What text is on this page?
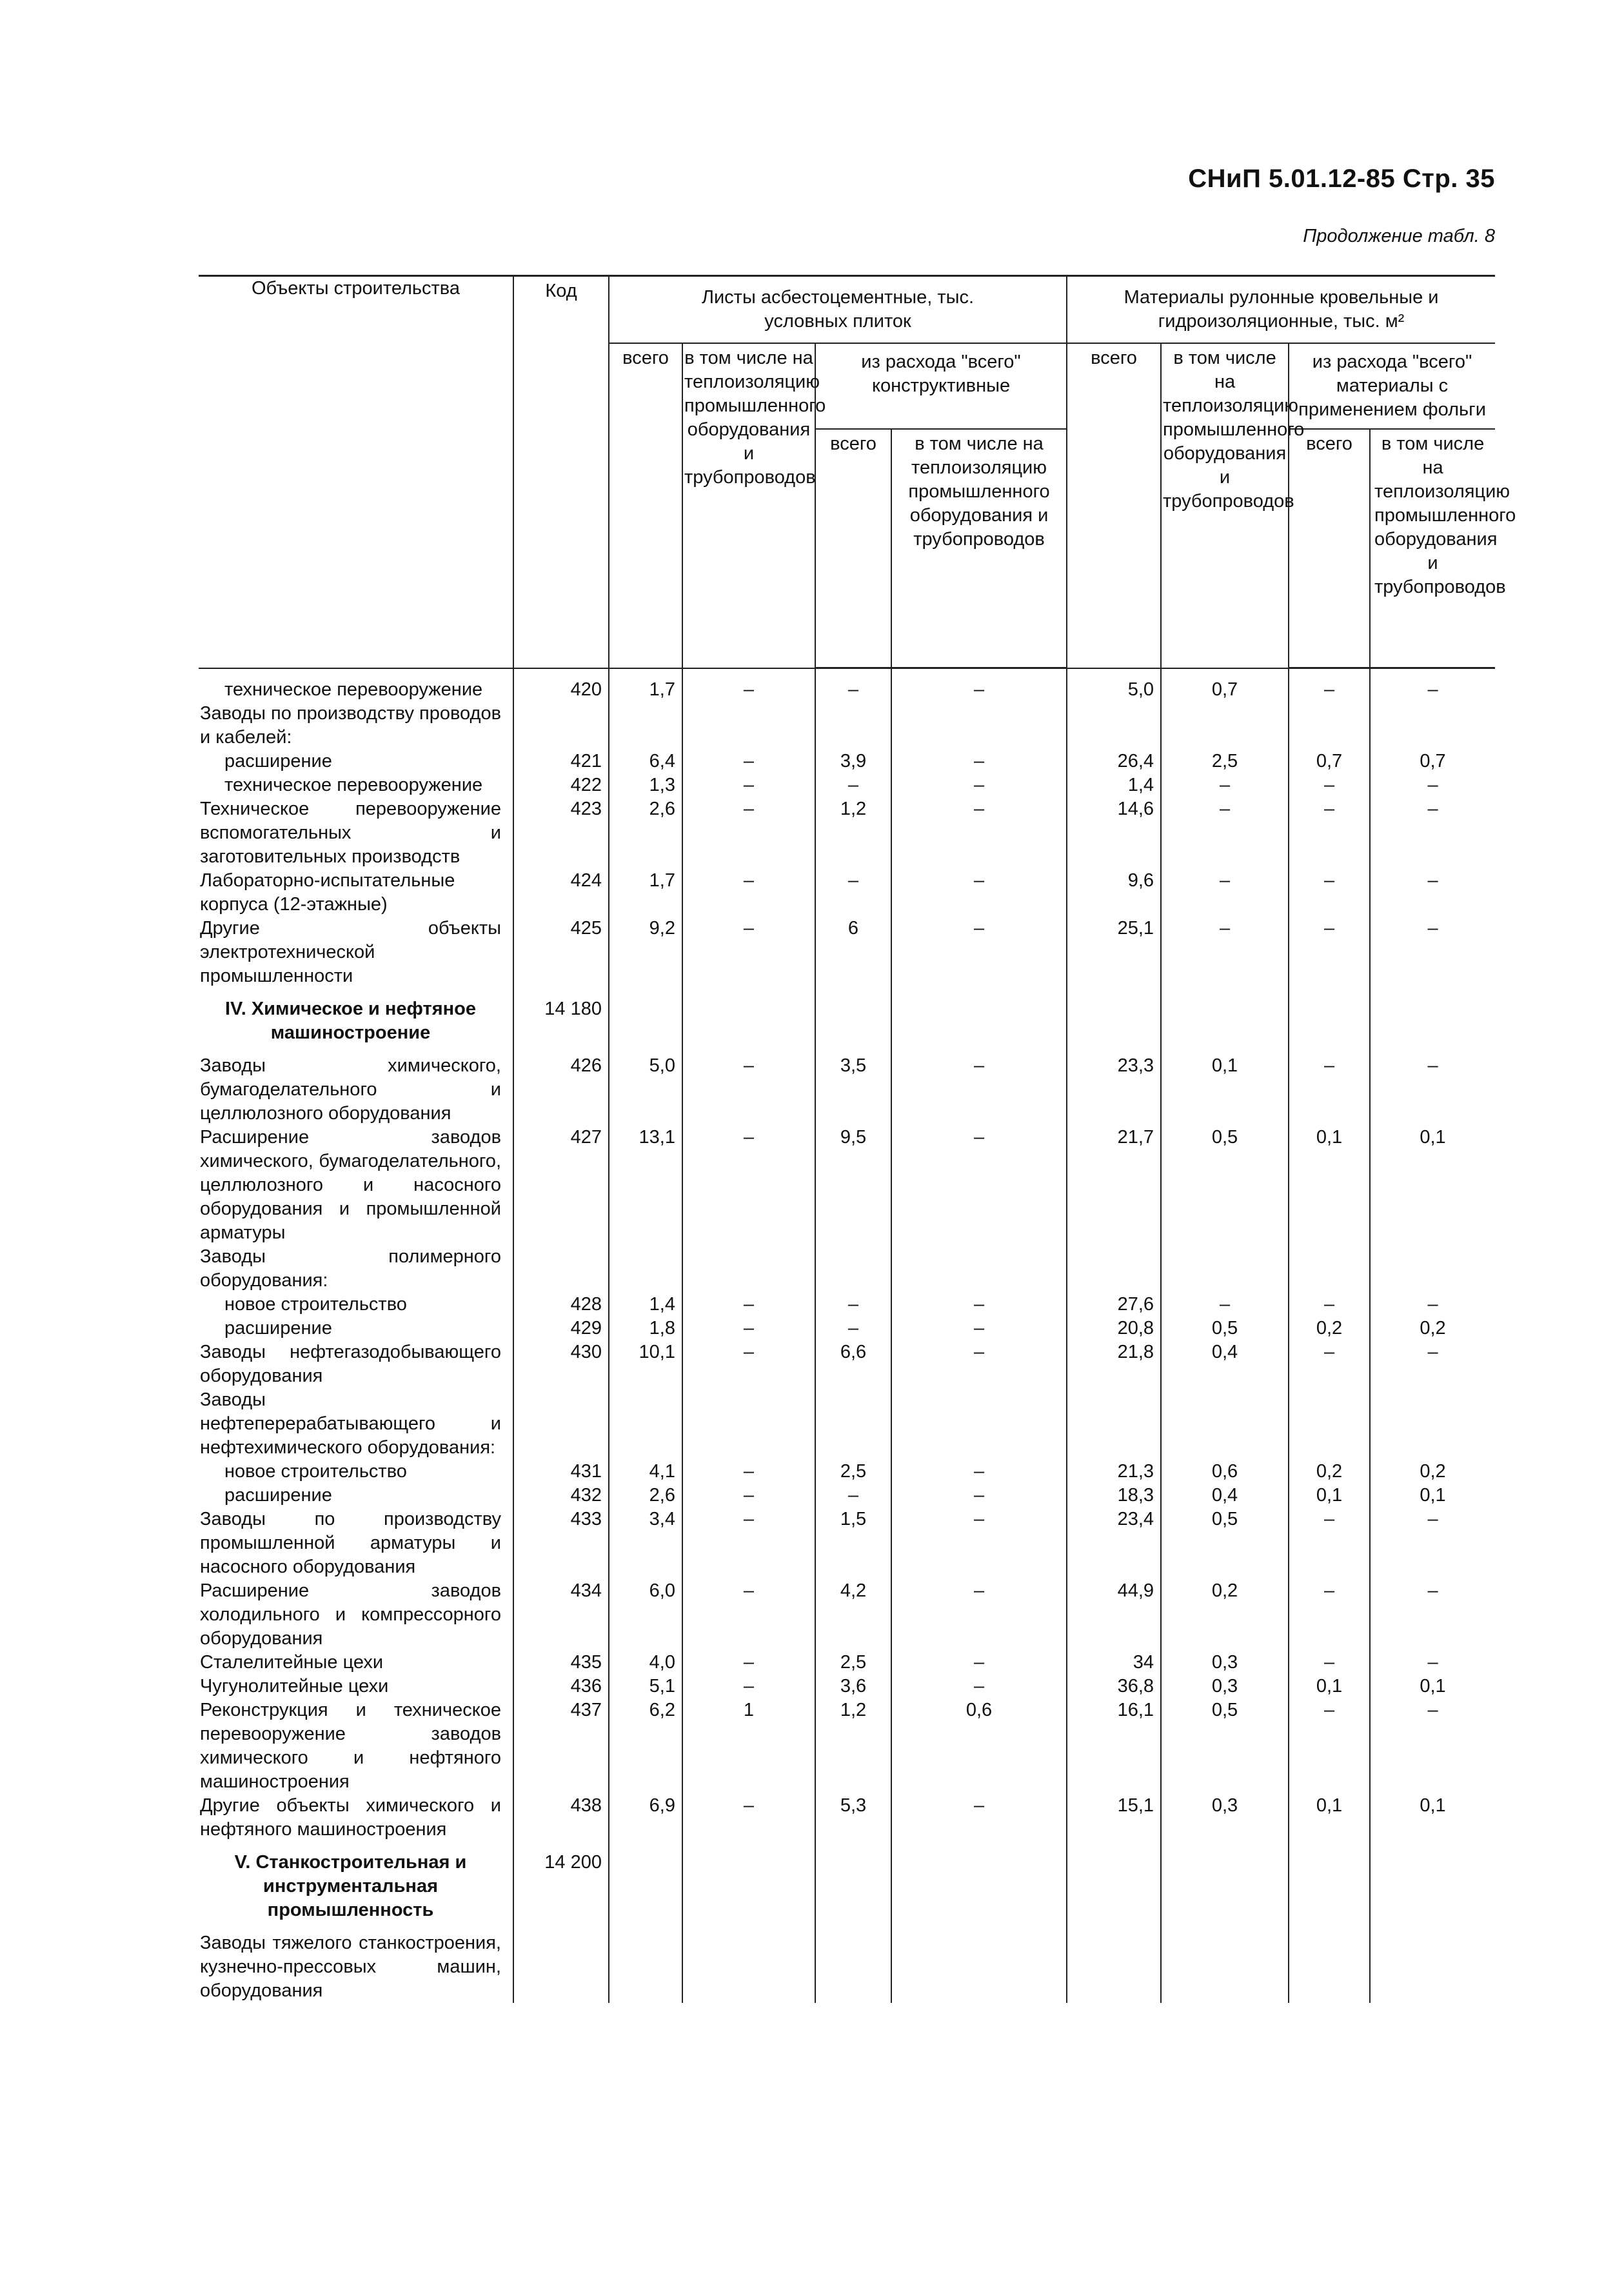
СНиП 5.01.12-85 Стр. 35
Продолжение табл. 8
Объекты строительства	Код	Листы асбестоцементные, тыс. условных плиток				Материалы рулонные кровельные и гидроизоляционные, тыс. м²			
		всего	в том числе на теплоизоляцию промышленного оборудования и трубопроводов	из расхода "всего" конструктивные		всего	в том числе на теплоизоляцию промышленного оборудования и трубопроводов	из расхода "всего" материалы с применением фольги	
				всего	в том числе на теплоизоляцию промышленного оборудования и трубопроводов			всего	в том числе на теплоизоляцию промышленного оборудования и трубопроводов
техническое перевооружение	420	1,7	–	–	–	5,0	0,7	–	–
Заводы по производству проводов и кабелей:									
расширение	421	6,4	–	3,9	–	26,4	2,5	0,7	0,7
техническое перевооружение	422	1,3	–	–	–	1,4	–	–	–
Техническое перевооружение вспомогательных и заготовительных производств	423	2,6	–	1,2	–	14,6	–	–	–
Лабораторно-испытательные корпуса (12-этажные)	424	1,7	–	–	–	9,6	–	–	–
Другие объекты электротехнической промышленности	425	9,2	–	6	–	25,1	–	–	–
IV. Химическое и нефтяное машиностроение	14 180								
Заводы химического, бумагоделательного и целлюлозного оборудования	426	5,0	–	3,5	–	23,3	0,1	–	–
Расширение заводов химического, бумагоделательного, целлюлозного и насосного оборудования и промышленной арматуры	427	13,1	–	9,5	–	21,7	0,5	0,1	0,1
Заводы полимерного оборудования:									
новое строительство	428	1,4	–	–	–	27,6	–	–	–
расширение	429	1,8	–	–	–	20,8	0,5	0,2	0,2
Заводы нефтегазодобывающего оборудования	430	10,1	–	6,6	–	21,8	0,4	–	–
Заводы нефтеперерабатывающего и нефтехимического оборудования:									
новое строительство	431	4,1	–	2,5	–	21,3	0,6	0,2	0,2
расширение	432	2,6	–	–	–	18,3	0,4	0,1	0,1
Заводы по производству промышленной арматуры и насосного оборудования	433	3,4	–	1,5	–	23,4	0,5	–	–
Расширение заводов холодильного и компрессорного оборудования	434	6,0	–	4,2	–	44,9	0,2	–	–
Сталелитейные цехи	435	4,0	–	2,5	–	34	0,3	–	–
Чугунолитейные цехи	436	5,1	–	3,6	–	36,8	0,3	0,1	0,1
Реконструкция и техническое перевооружение заводов химического и нефтяного машиностроения	437	6,2	1	1,2	0,6	16,1	0,5	–	–
Другие объекты химического и нефтяного машиностроения	438	6,9	–	5,3	–	15,1	0,3	0,1	0,1
V. Станкостроительная и инструментальная промышленность	14 200								
Заводы тяжелого станкостроения, кузнечно-прессовых машин, оборудования									
